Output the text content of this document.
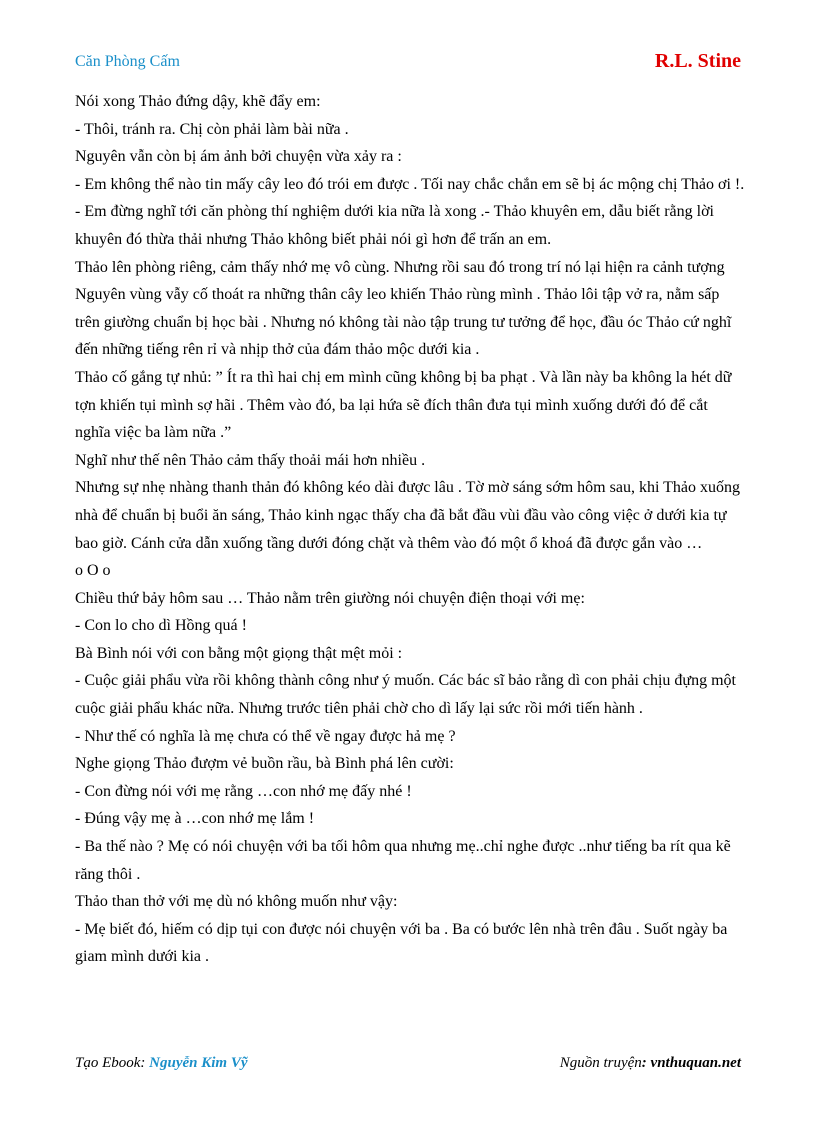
Căn Phòng Cấm	R.L. Stine

Nói xong Thảo đứng dậy, khẽ đẩy em:

- Thôi, tránh ra. Chị còn phải làm bài nữa .

Nguyên vẫn còn bị ám ảnh bởi chuyện vừa xảy ra :

- Em không thể nào tin mấy cây leo đó trói em được . Tối nay chắc chắn em sẽ bị ác mộng chị Thảo ơi !.

- Em đừng nghĩ tới căn phòng thí nghiệm dưới kia nữa là xong .- Thảo khuyên em, dẫu biết rằng lời khuyên đó thừa thải nhưng Thảo không biết phải nói gì hơn để trấn an em.

Thảo lên phòng riêng, cảm thấy nhớ mẹ vô cùng. Nhưng rồi sau đó trong trí nó lại hiện ra cảnh tượng Nguyên vùng vẫy cố thoát ra những thân cây leo khiến Thảo rùng mình . Thảo lôi tập vở ra, nằm sấp trên giường chuẩn bị học bài . Nhưng nó không tài nào tập trung tư tưởng để học, đầu óc Thảo cứ nghĩ đến những tiếng rên rỉ và nhịp thở của đám thảo mộc dưới kia .

Thảo cố gắng tự nhủ: ” Ít ra thì hai chị em mình cũng không bị ba phạt . Và lần này ba không la hét dữ tợn khiến tụi mình sợ hãi . Thêm vào đó, ba lại hứa sẽ đích thân đưa tụi mình xuống dưới đó để cắt nghĩa việc ba làm nữa .”

Nghĩ như thế nên Thảo cảm thấy thoải mái hơn nhiều .

Nhưng sự nhẹ nhàng thanh thản đó không kéo dài được lâu . Tờ mờ sáng sớm hôm sau, khi Thảo xuống nhà để chuẩn bị buổi ăn sáng, Thảo kinh ngạc thấy cha đã bắt đầu vùi đầu vào công việc ở dưới kia tự bao giờ. Cánh cửa dẫn xuống tầng dưới đóng chặt và thêm vào đó một ổ khoá đã được gắn vào …

o O o

Chiều thứ bảy hôm sau … Thảo nằm trên giường nói chuyện điện thoại với mẹ:

- Con lo cho dì Hồng quá !

Bà Bình nói với con bằng một giọng thật mệt mỏi :

- Cuộc giải phẩu vừa rồi không thành công như ý muốn. Các bác sĩ bảo rằng dì con phải chịu đựng một cuộc giải phẩu khác nữa. Nhưng trước tiên phải chờ cho dì lấy lại sức rồi mới tiến hành .

- Như thế có nghĩa là mẹ chưa có thể về ngay được hả mẹ ?

Nghe giọng Thảo đượm vẻ buồn rầu, bà Bình phá lên cười:

- Con đừng nói với mẹ rằng …con nhớ mẹ đấy nhé !

- Đúng vậy mẹ à …con nhớ mẹ lắm !

- Ba thế nào ? Mẹ có nói chuyện với ba tối hôm qua nhưng mẹ..chỉ nghe được ..như tiếng ba rít qua kẽ răng thôi .

Thảo than thở với mẹ dù nó không muốn như vậy:

- Mẹ biết đó, hiếm có dịp tụi con được nói chuyện với ba . Ba có bước lên nhà trên đâu . Suốt ngày ba giam mình dưới kia .

Tạo Ebook: Nguyễn Kim Vỹ	Nguồn truyện: vnthuquan.net
